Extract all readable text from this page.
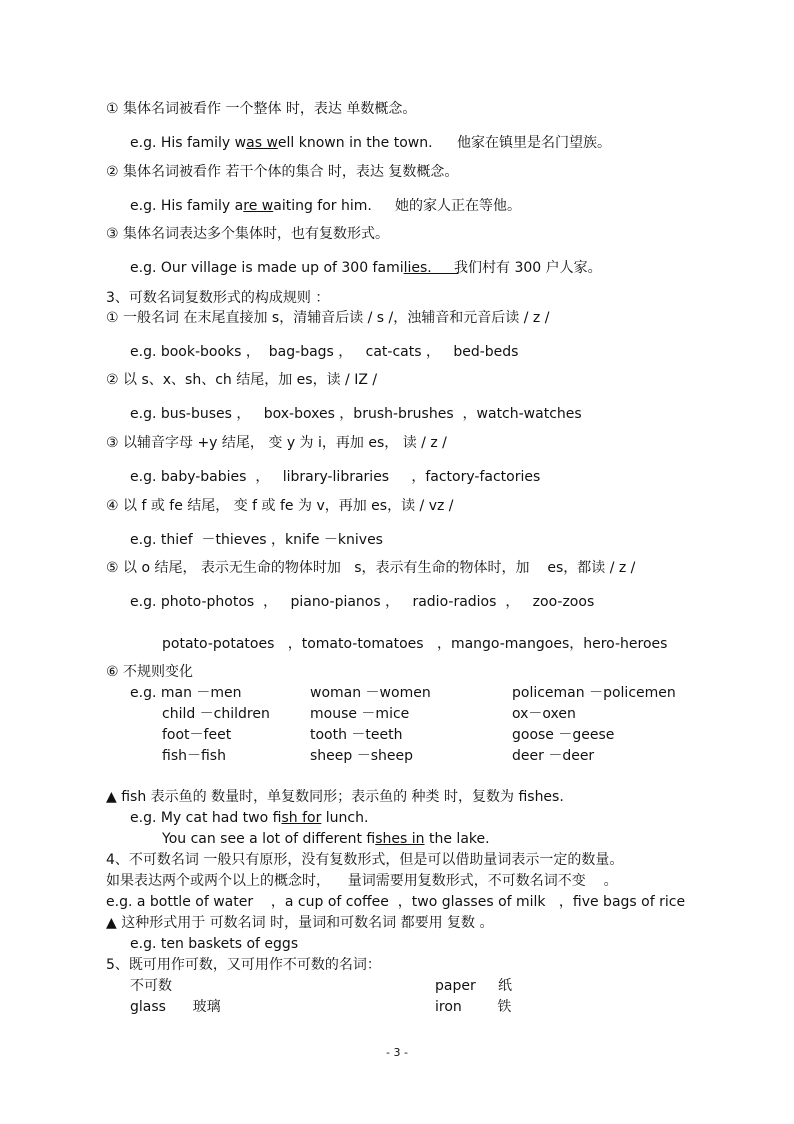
① 集体名词被看作 一个整体 时，表达 单数概念。
e.g. His family was well known in the town. 他家在镇里是名门望族。
② 集体名词被看作 若干个体的集合 时，表达 复数概念。
e.g. His family are waiting for him. 她的家人正在等他。
③ 集体名词表达多个集体时，也有复数形式。
e.g. Our village is made up of 300 families.
我们村有 300 户人家。
3、可数名词复数形式的构成规则 ：
① 一般名词 在末尾直接加 s，清辅音后读 / s /，浊辅音和元音后读 / z /
e.g. book-books ，  bag-bags ，   cat-cats ，   bed-beds
② 以 s、x、sh、ch 结尾，加 es，读 / IZ /
e.g. bus-buses ，   box-boxes ，brush-brushes  ，watch-watches
③ 以辅音字母 +y 结尾， 变 y 为 i，再加 es， 读 / z /
e.g. baby-babies  ，   library-libraries     ，factory-factories
④ 以 f 或 fe 结尾， 变 f 或 fe 为 v，再加 es，读 / vz /
e.g. thief  －thieves ，knife －knives
⑤ 以 o 结尾， 表示无生命的物体时加   s，表示有生命的物体时，加    es，都读 / z /
e.g. photo-photos  ，   piano-pianos ，   radio-radios  ，   zoo-zoos
potato-potatoes   ，tomato-tomatoes   ，mango-mangoes，hero-heroes
⑥ 不规则变化
e.g. man －men	woman －women	policeman －policemen
child －children	mouse －mice	ox－oxen
foot－feet	tooth －teeth	goose －geese
fish－fish	sheep －sheep	deer －deer
▲ fish 表示鱼的 数量时，单复数同形；表示鱼的 种类 时，复数为 fishes.
e.g. My cat had two fish for lunch.
You can see a lot of different fishes in the lake.
4、不可数名词 一般只有原形，没有复数形式，但是可以借助量词表示一定的数量。
如果表达两个或两个以上的概念时，    量词需要用复数形式，不可数名词不变    。
e.g. a bottle of water    ，a cup of coffee  ，two glasses of milk   ，five bags of rice
▲ 这种形式用于 可数名词 时，量词和可数名词 都要用 复数 。
e.g. ten baskets of eggs
5、既可用作可数，又可用作不可数的名词：
不可数	paper     纸
glass      玻璃	iron        铁
- 3 -
